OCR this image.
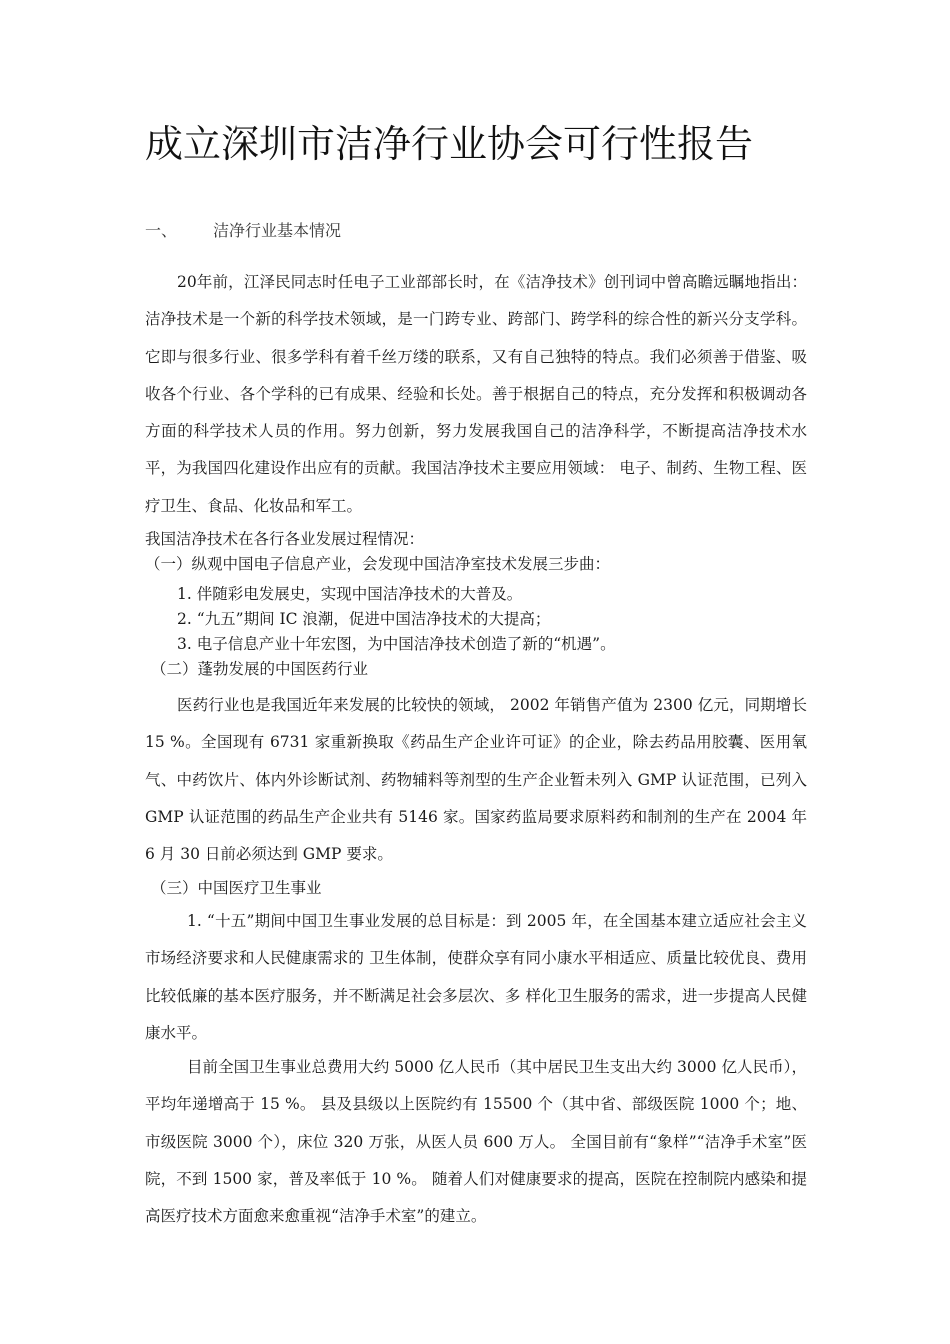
成立深圳市洁净行业协会可行性报告
一、 洁净行业基本情况
20年前，江泽民同志时任电子工业部部长时，在《洁净技术》创刊词中曾高瞻远瞩地指出：洁净技术是一个新的科学技术领域，是一门跨专业、跨部门、跨学科的综合性的新兴分支学科。它即与很多行业、很多学科有着千丝万缕的联系，又有自己独特的特点。我们必须善于借鉴、吸收各个行业、各个学科的已有成果、经验和长处。善于根据自己的特点，充分发挥和积极调动各方面的科学技术人员的作用。努力创新，努力发展我国自己的洁净科学，不断提高洁净技术水平，为我国四化建设作出应有的贡献。我国洁净技术主要应用领域： 电子、制药、生物工程、医疗卫生、食品、化妆品和军工。
我国洁净技术在各行各业发展过程情况：
（一）纵观中国电子信息产业，会发现中国洁净室技术发展三步曲：
1. 伴随彩电发展史，实现中国洁净技术的大普及。
2. “九五”期间 IC 浪潮，促进中国洁净技术的大提高；
3. 电子信息产业十年宏图，为中国洁净技术创造了新的“机遇”。
（二）蓬勃发展的中国医药行业
医药行业也是我国近年来发展的比较快的领域， 2002 年销售产值为 2300 亿元，同期增长 15 %。全国现有 6731 家重新换取《药品生产企业许可证》的企业，除去药品用胶囊、医用氧气、中药饮片、体内外诊断试剂、药物辅料等剂型的生产企业暂未列入 GMP 认证范围，已列入 GMP 认证范围的药品生产企业共有 5146 家。国家药监局要求原料药和制剂的生产在 2004 年 6 月 30 日前必须达到 GMP 要求。
（三）中国医疗卫生事业
1. “十五”期间中国卫生事业发展的总目标是：到 2005 年，在全国基本建立适应社会主义市场经济要求和人民健康需求的 卫生体制，使群众享有同小康水平相适应、质量比较优良、费用比较低廉的基本医疗服务，并不断满足社会多层次、多 样化卫生服务的需求，进一步提高人民健康水平。
目前全国卫生事业总费用大约 5000 亿人民币（其中居民卫生支出大约 3000 亿人民币），平均年递增高于 15 %。 县及县级以上医院约有 15500 个（其中省、部级医院 1000 个；地、市级医院 3000 个），床位 320 万张，从医人员 600 万人。 全国目前有“象样”“洁净手术室”医院，不到 1500 家，普及率低于 10 %。 随着人们对健康要求的提高，医院在控制院内感染和提高医疗技术方面愈来愈重视“洁净手术室”的建立。
